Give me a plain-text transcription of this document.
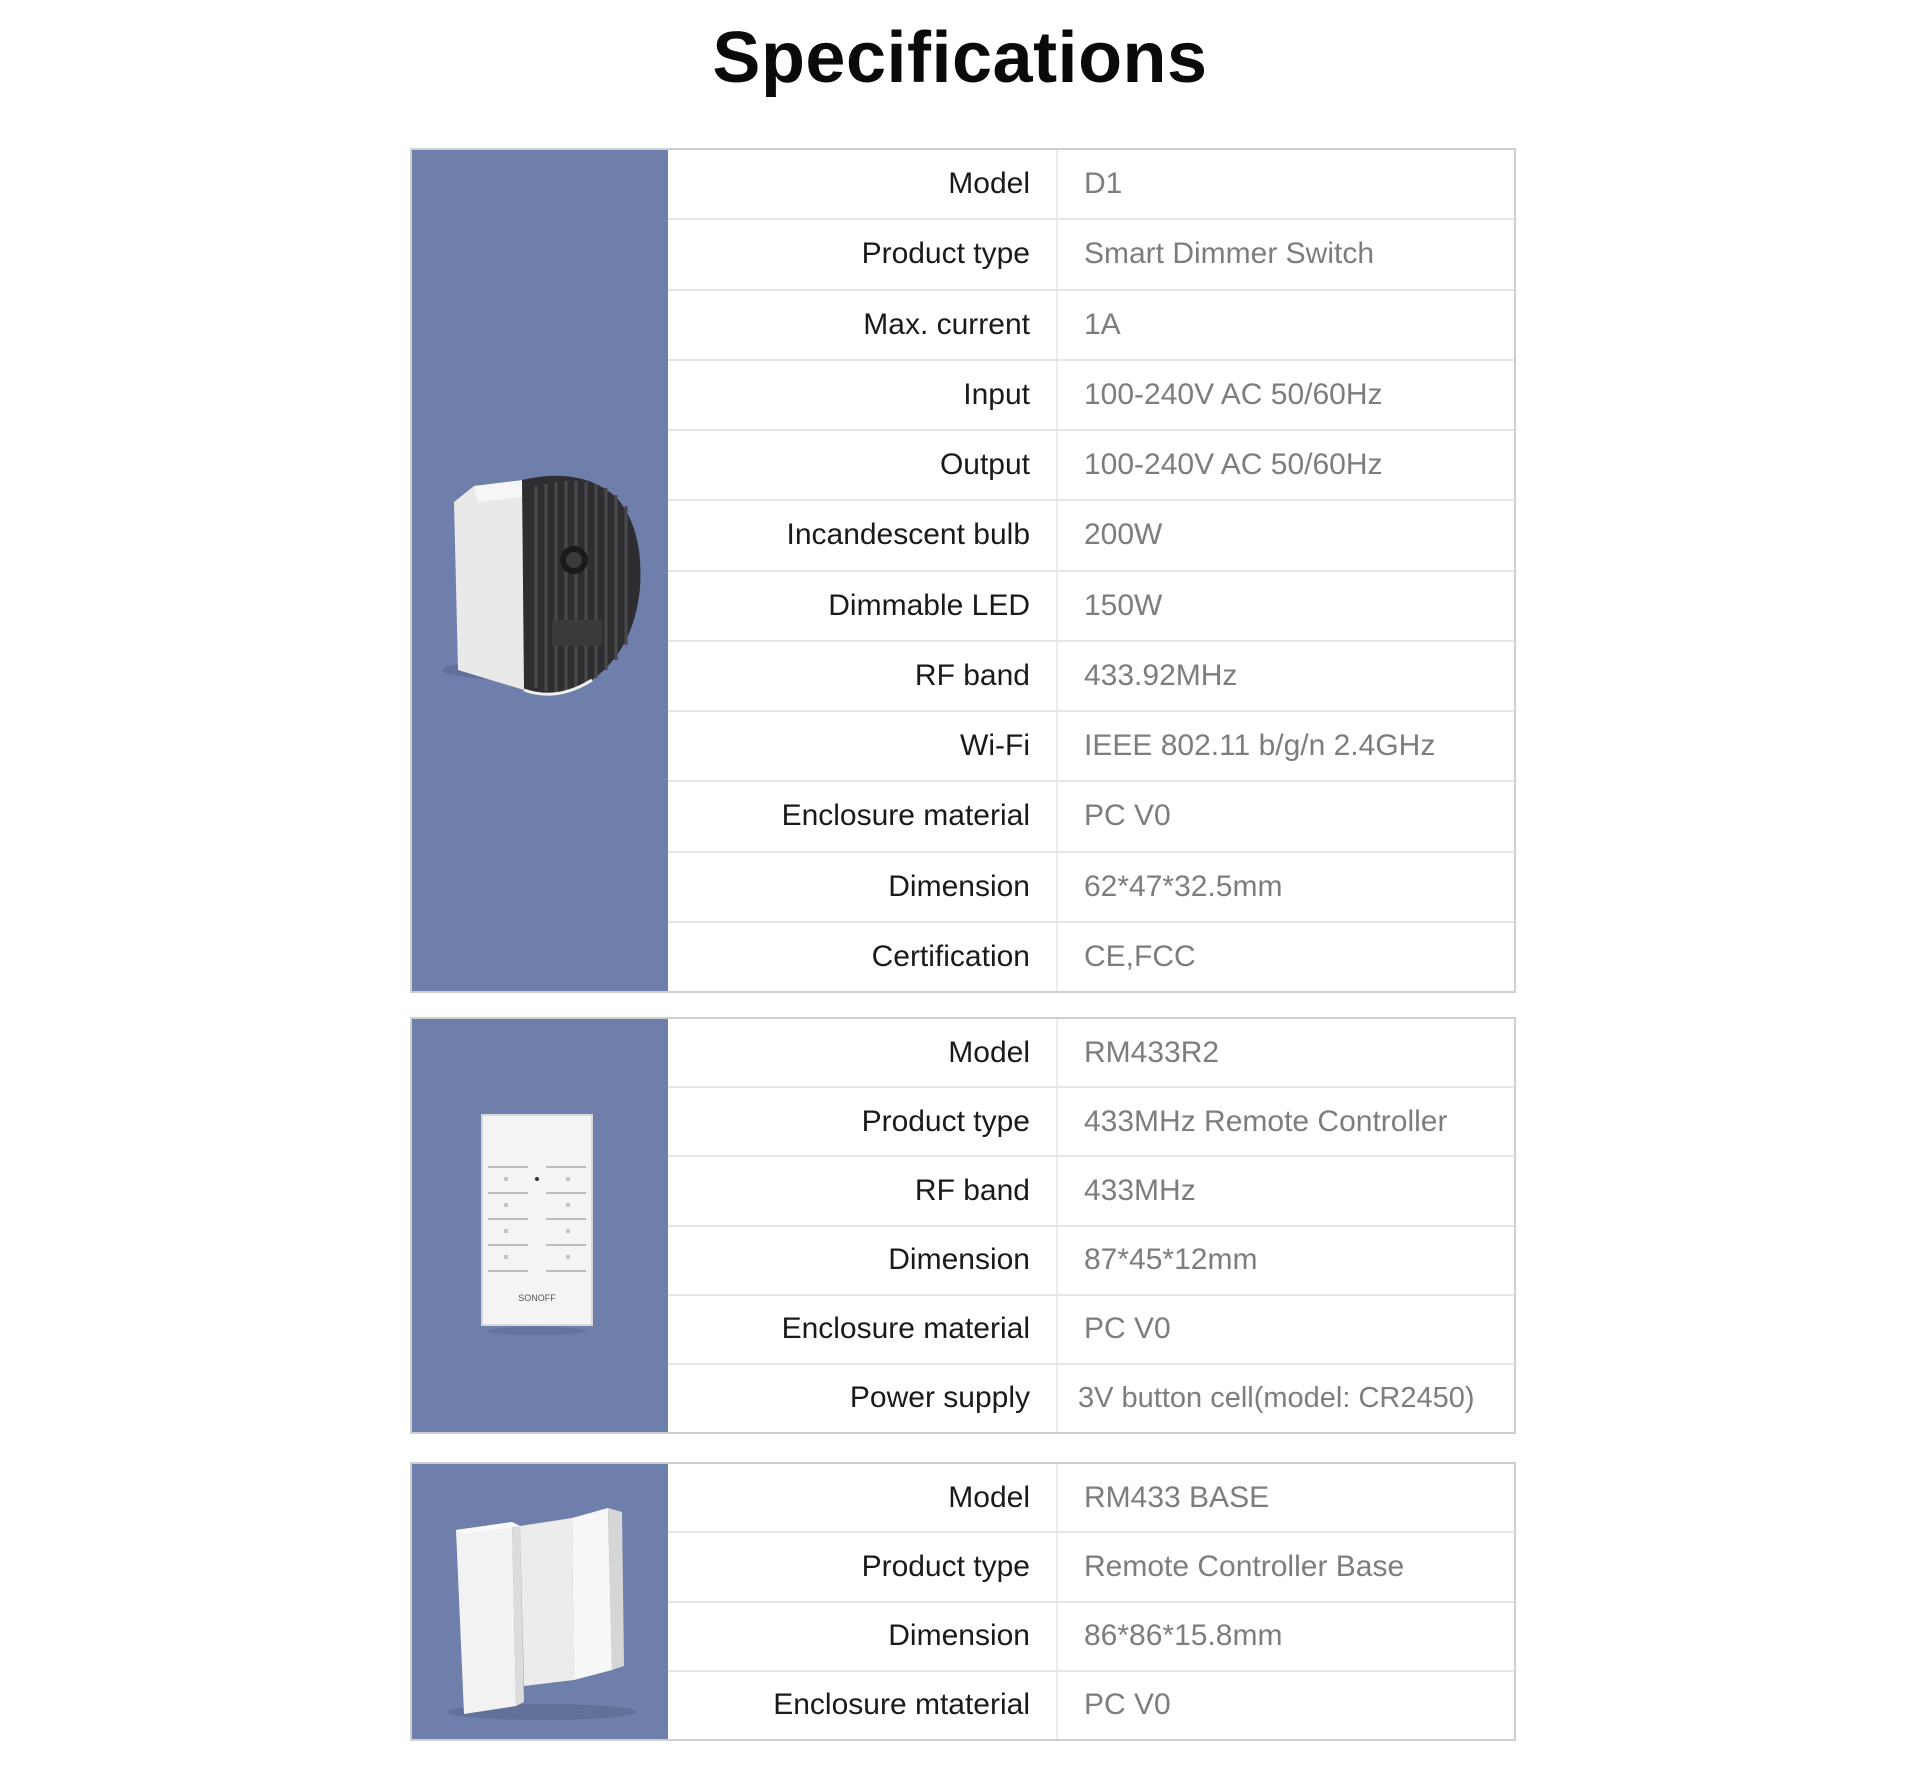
Specifications
Model	D1
Product type	Smart Dimmer Switch
Max. current	1A
Input	100-240V AC 50/60Hz
Output	100-240V AC 50/60Hz
Incandescent bulb	200W
Dimmable LED	150W
RF band	433.92MHz
Wi-Fi	IEEE 802.11 b/g/n 2.4GHz
Enclosure material	PC V0
Dimension	62*47*32.5mm
Certification	CE,FCC
SONOFF
Model	RM433R2
Product type	433MHz Remote Controller
RF band	433MHz
Dimension	87*45*12mm
Enclosure material	PC V0
Power supply	3V button cell(model: CR2450)
Model	RM433 BASE
Product type	Remote Controller Base
Dimension	86*86*15.8mm
Enclosure mtaterial	PC V0
